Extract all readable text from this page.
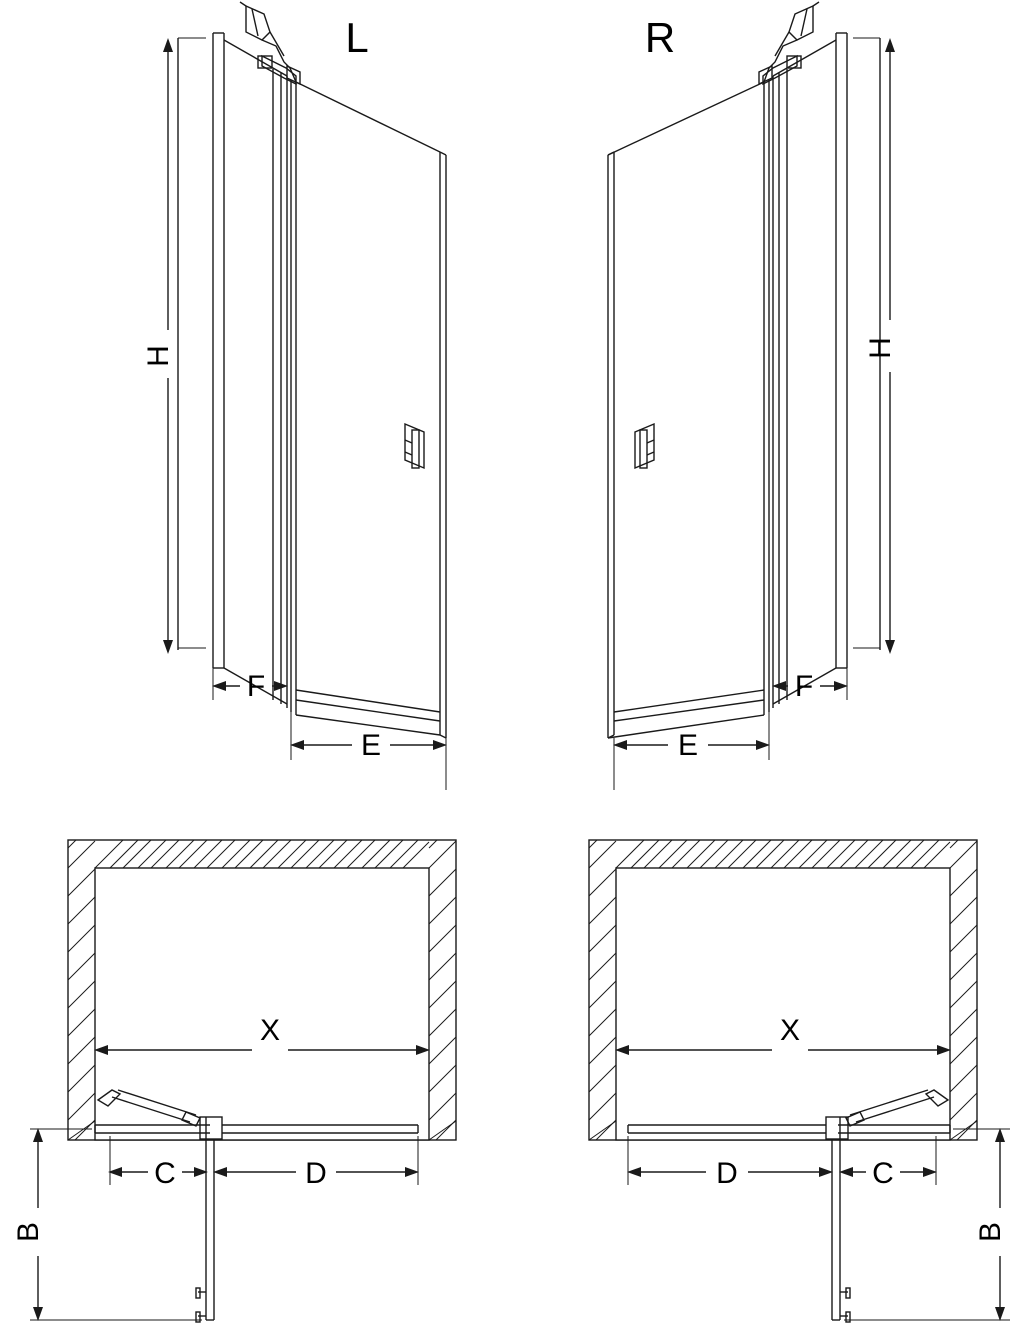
L	R
H	H
F
E
F
E
X
C	D
B
X
D	C
B
